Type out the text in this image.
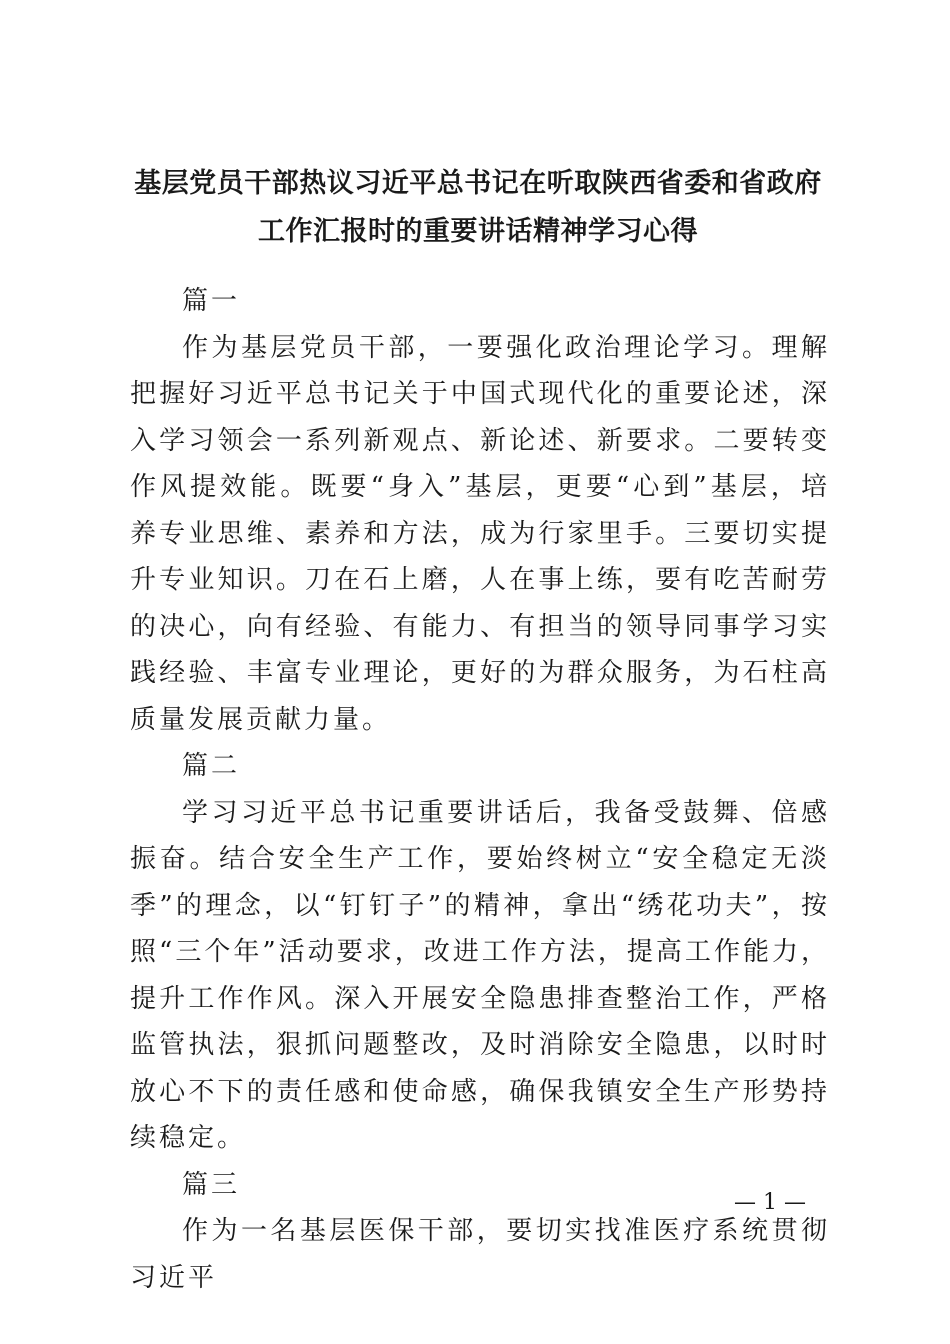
基层党员干部热议习近平总书记在听取陕西省委和省政府工作汇报时的重要讲话精神学习心得

篇一

作为基层党员干部，一要强化政治理论学习。理解把握好习近平总书记关于中国式现代化的重要论述，深入学习领会一系列新观点、新论述、新要求。二要转变作风提效能。既要“身入”基层，更要“心到”基层，培养专业思维、素养和方法，成为行家里手。三要切实提升专业知识。刀在石上磨，人在事上练，要有吃苦耐劳的决心，向有经验、有能力、有担当的领导同事学习实践经验、丰富专业理论，更好的为群众服务，为石柱高质量发展贡献力量。

篇二

学习习近平总书记重要讲话后，我备受鼓舞、倍感振奋。结合安全生产工作，要始终树立“安全稳定无淡季”的理念，以“钉钉子”的精神，拿出“绣花功夫”，按照“三个年”活动要求，改进工作方法，提高工作能力，提升工作作风。深入开展安全隐患排查整治工作，严格监管执法，狠抓问题整改，及时消除安全隐患，以时时放心不下的责任感和使命感，确保我镇安全生产形势持续稳定。

篇三

作为一名基层医保干部，要切实找准医疗系统贯彻习近平

— 1 —
